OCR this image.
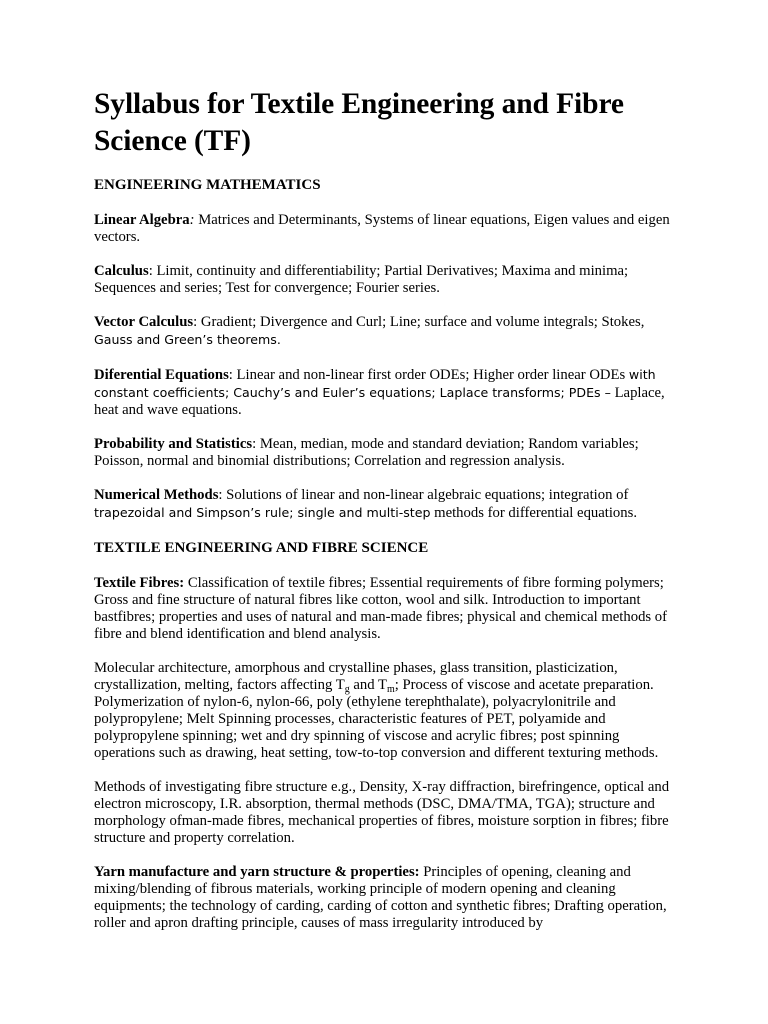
Syllabus for Textile Engineering and Fibre Science (TF)
ENGINEERING MATHEMATICS

Linear Algebra: Matrices and Determinants, Systems of linear equations, Eigen values and eigen vectors.

Calculus: Limit, continuity and differentiability; Partial Derivatives; Maxima and minima; Sequences and series; Test for convergence; Fourier series.

Vector Calculus: Gradient; Divergence and Curl; Line; surface and volume integrals; Stokes, Gauss and Green’s theorems.

Diferential Equations: Linear and non-linear first order ODEs; Higher order linear ODEs with constant coefficients; Cauchy’s and Euler’s equations; Laplace transforms; PDEs – Laplace, heat and wave equations.

Probability and Statistics: Mean, median, mode and standard deviation; Random variables; Poisson, normal and binomial distributions; Correlation and regression analysis.

Numerical Methods: Solutions of linear and non-linear algebraic equations; integration of trapezoidal and Simpson’s rule; single and multi-step methods for differential equations.

TEXTILE ENGINEERING AND FIBRE SCIENCE

Textile Fibres: Classification of textile fibres; Essential requirements of fibre forming polymers; Gross and fine structure of natural fibres like cotton, wool and silk. Introduction to important bastfibres; properties and uses of natural and man-made fibres; physical and chemical methods of fibre and blend identification and blend analysis.

Molecular architecture, amorphous and crystalline phases, glass transition, plasticization, crystallization, melting, factors affecting $T_g$ and $T_m$; Process of viscose and acetate preparation. Polymerization of nylon-6, nylon-66, poly (ethylene terephthalate), polyacrylonitrile and polypropylene; Melt Spinning processes, characteristic features of PET, polyamide and polypropylene spinning; wet and dry spinning of viscose and acrylic fibres; post spinning operations such as drawing, heat setting, tow-to-top conversion and different texturing methods.

Methods of investigating fibre structure e.g., Density, X-ray diffraction, birefringence, optical and electron microscopy, I.R. absorption, thermal methods (DSC, DMA/TMA, TGA); structure and morphology ofman-made fibres, mechanical properties of fibres, moisture sorption in fibres; fibre structure and property correlation.

Yarn manufacture and yarn structure & properties: Principles of opening, cleaning and mixing/blending of fibrous materials, working principle of modern opening and cleaning equipments; the technology of carding, carding of cotton and synthetic fibres; Drafting operation, roller and apron drafting principle, causes of mass irregularity introduced by
